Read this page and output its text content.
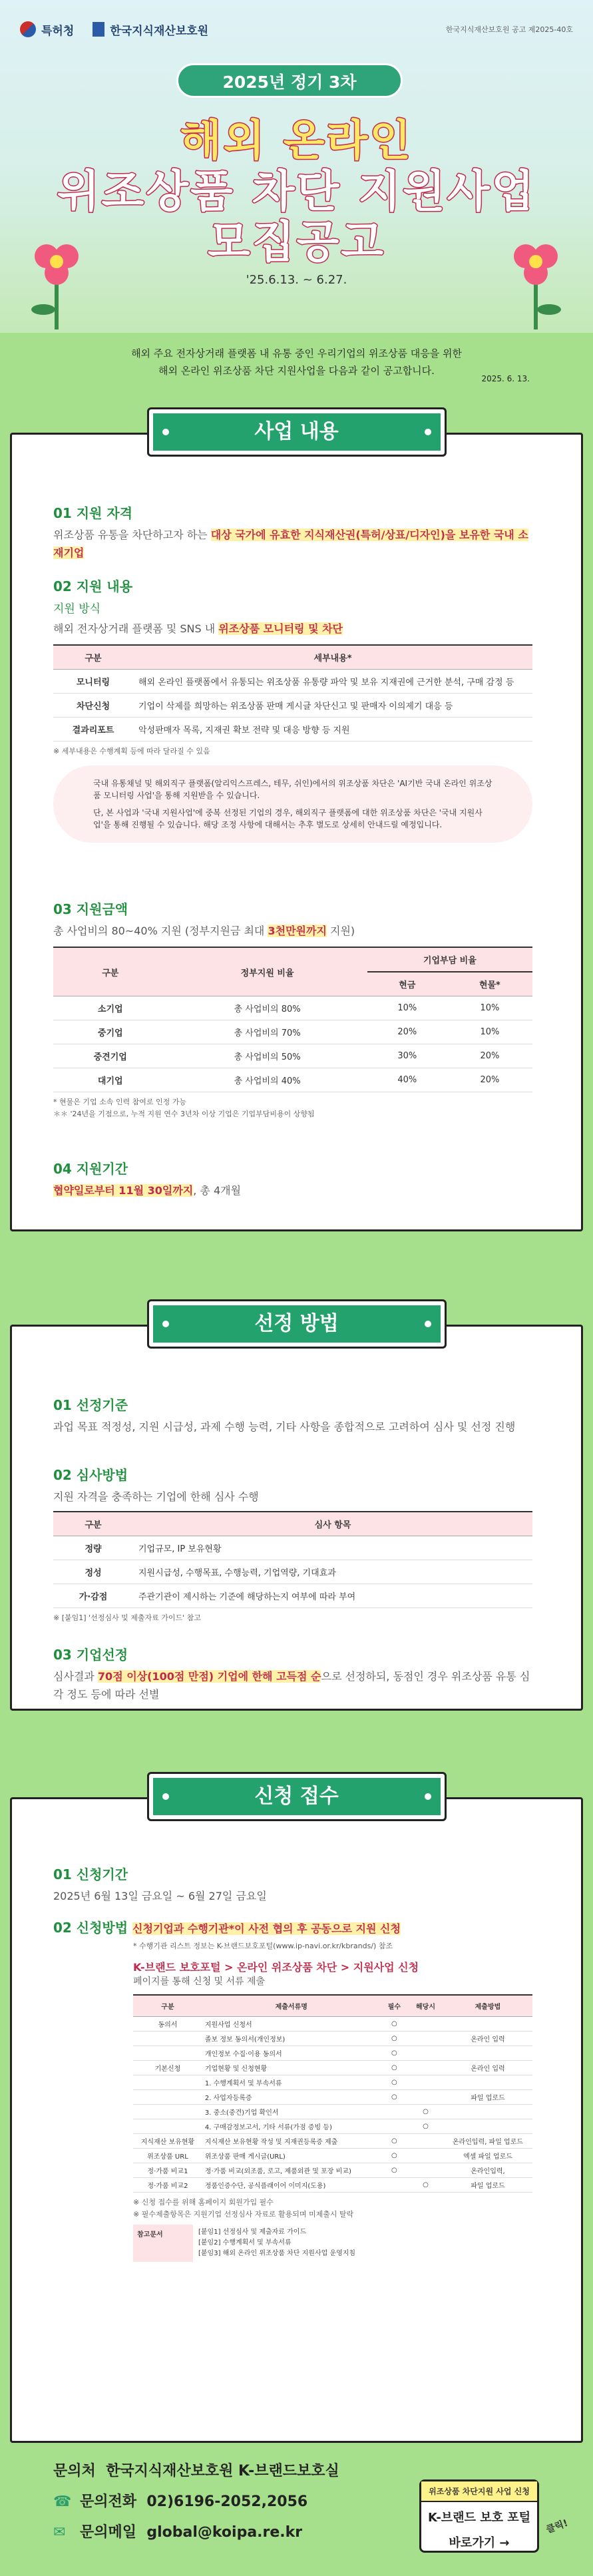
특허청	한국지식재산보호원	한국지식재산보호원 공고 제2025-40호
2025년 정기 3차
해외 온라인
위조상품 차단 지원사업
모집공고
'25.6.13. ~ 6.27.
해외 주요 전자상거래 플랫폼 내 유통 중인 우리기업의 위조상품 대응을 위한
해외 온라인 위조상품 차단 지원사업을 다음과 같이 공고합니다.
2025. 6. 13.
사업 내용
01 지원 자격
위조상품 유통을 차단하고자 하는 대상 국가에 유효한 지식재산권(특허/상표/디자인)을 보유한 국내 소재기업
02 지원 내용
지원 방식
해외 전자상거래 플랫폼 및 SNS 내 위조상품 모니터링 및 차단
구분	세부내용*
모니터링	해외 온라인 플랫폼에서 유통되는 위조상품 유통량 파악 및 보유 지재권에 근거한 분석, 구매 감정 등
차단신청	기업이 삭제를 희망하는 위조상품 판매 게시글 차단신고 및 판매자 이의제기 대응 등
결과리포트	악성판매자 목록, 지재권 확보 전략 및 대응 방향 등 지원
※ 세부내용은 수행계획 등에 따라 달라질 수 있음
국내 유통채널 및 해외직구 플랫폼(알리익스프레스, 테무, 쉬인)에서의 위조상품 차단은 'AI기반 국내 온라인 위조상품 모니터링 사업'을 통해 지원받을 수 있습니다.
단, 본 사업과 '국내 지원사업'에 중복 선정된 기업의 경우, 해외직구 플랫폼에 대한 위조상품 차단은 '국내 지원사업'을 통해 진행될 수 있습니다. 해당 조정 사항에 대해서는 추후 별도로 상세히 안내드릴 예정입니다.
03 지원금액
총 사업비의 80~40% 지원 (정부지원금 최대 3천만원까지 지원)
구분	정부지원 비율	기업부담 비율	
		현금	현물*
소기업	총 사업비의 80%	10%	10%
중기업	총 사업비의 70%	20%	10%
중견기업	총 사업비의 50%	30%	20%
대기업	총 사업비의 40%	40%	20%
* 현물은 기업 소속 인력 참여로 인정 가능
＊＊ '24년을 기점으로, 누적 지원 연수 3년차 이상 기업은 기업부담비용이 상향됨
04 지원기간
협약일로부터 11월 30일까지, 총 4개월
선정 방법
01 선정기준
과업 목표 적정성, 지원 시급성, 과제 수행 능력, 기타 사항을 종합적으로 고려하여 심사 및 선정 진행
02 심사방법
지원 자격을 충족하는 기업에 한해 심사 수행
구분	심사 항목
정량	기업규모, IP 보유현황
정성	지원시급성, 수행목표, 수행능력, 기업역량, 기대효과
가·감점	주관기관이 제시하는 기준에 해당하는지 여부에 따라 부여
※ [붙임1] '선정심사 및 제출자료 가이드' 참고
03 기업선정
심사결과 70점 이상(100점 만점) 기업에 한해 고득점 순으로 선정하되, 동점인 경우 위조상품 유통 심각 정도 등에 따라 선별
신청 접수
01 신청기간
2025년 6월 13일 금요일 ~ 6월 27일 금요일
02 신청방법 신청기업과 수행기관*이 사전 협의 후 공동으로 지원 신청
* 수행기관 리스트 정보는 K-브랜드보호포털(www.ip-navi.or.kr/kbrands/) 참조
K-브랜드 보호포털 > 온라인 위조상품 차단 > 지원사업 신청
페이지를 통해 신청 및 서류 제출
구분	제출서류명	필수	해당시	제출방법
동의서	지원사업 신청서	○		
	졸보 정보 동의서(개인정보)	○		온라인 입력
	개인정보 수집·이용 동의서	○		
기본신청	기업현황 및 신청현황	○		온라인 입력
	1. 수행계획서 및 부속서류	○		
	2. 사업자등록증	○		파일 업로드
	3. 중소(중견)기업 확인서		○	
	4. 구매감정보고서, 기타 서류(가점 증빙 등)		○	
지식재산 보유현황	지식재산 보유현황 작성 및 지재권등록증 제출	○		온라인입력, 파일 업로드
위조상품 URL	위조상품 판매 게시글(URL)	○		엑셀 파일 업로드
정·가품 비교1	정·가품 비교(외조품, 로고, 제품외관 및 포장 비교)	○		온라인입력,
정·가품 비교2	정품인증수단, 공식플래이어 이미지(도용)		○	파일 업로드
※ 신청 접수를 위해 홈페이지 회원가입 필수
※ 필수제출항목은 지원기업 선정심사 자료로 활용되며 미제출시 탈락
참고문서	[붙임1] 선정심사 및 제출자료 가이드
[붙임2] 수행계획서 및 부속서류
[붙임3] 해외 온라인 위조상품 차단 지원사업 운영지침
문의처 한국지식재산보호원 K-브랜드보호실
☎ 문의전화 02)6196-2052,2056
✉ 문의메일 global@koipa.re.kr
위조상품 차단지원 사업 신청
K-브랜드 보호 포털
바로가기 →
클릭!
